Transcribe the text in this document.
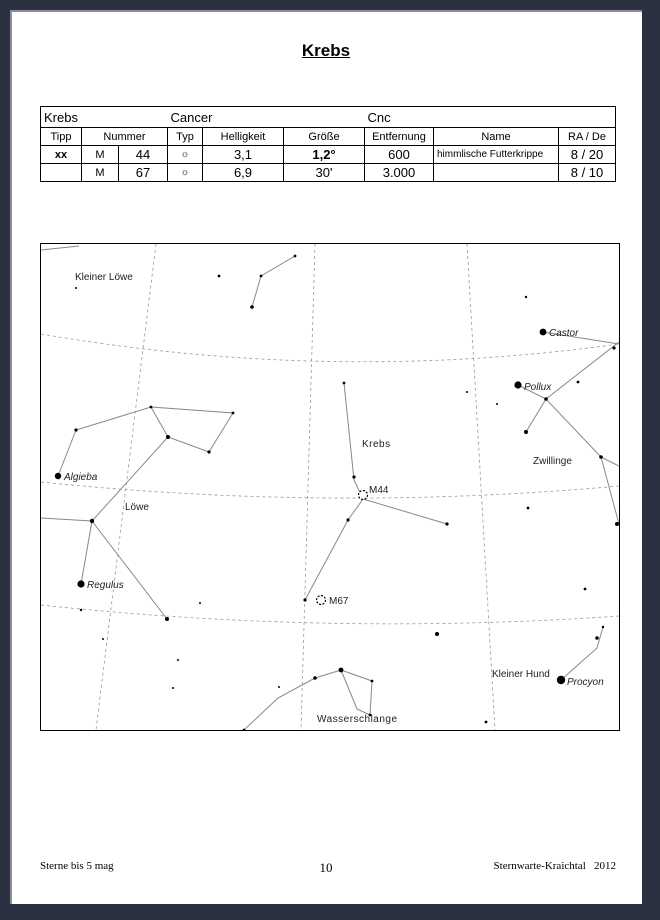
Krebs
Krebs			Cancer			Cnc		
Tipp	Nummer		Typ	Helligkeit	Größe	Entfernung	Name	RA / De
xx	M	44	☼	3,1	1,2°	600	himmlische Futterkrippe	8 / 20
	M	67	☼	6,9	30'	3.000		8 / 10
Kleiner Löwe
Castor
Pollux
Krebs
Zwillinge
Algieba
M44
Löwe
Regulus
M67
Kleiner Hund
Procyon
Wasserschlange
Sterne bis 5 mag	10	Sternwarte-Kraichtal   2012
